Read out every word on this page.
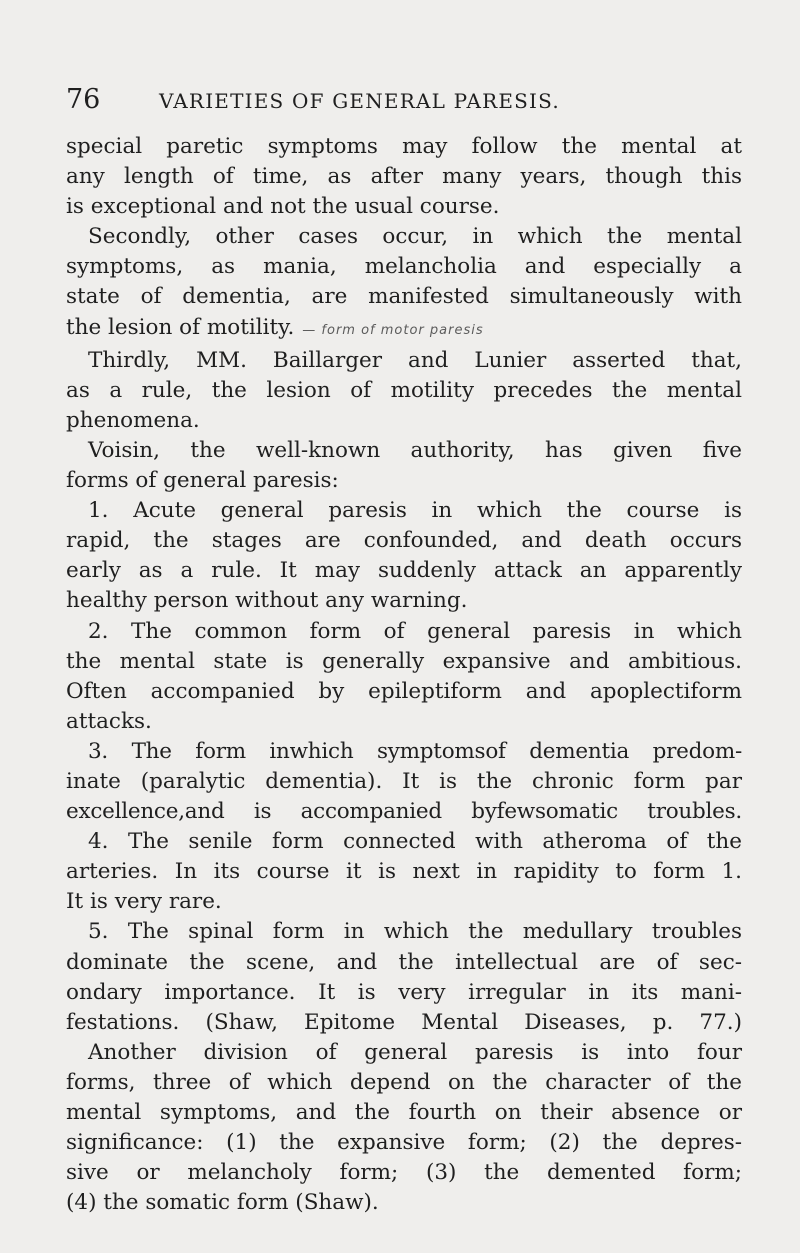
76	VARIETIES OF GENERAL PARESIS.
special paretic symptoms may follow the mental at
any length of time, as after many years, though this
is exceptional and not the usual course.
Secondly, other cases occur, in which the mental
symptoms, as mania, melancholia and especially a
state of dementia, are manifested simultaneously with
the lesion of motility. — form of motor paresis
Thirdly, MM. Baillarger and Lunier asserted that,
as a rule, the lesion of motility precedes the mental
phenomena.
Voisin, the well-known authority, has given five
forms of general paresis:
1. Acute general paresis in which the course is
rapid, the stages are confounded, and death occurs
early as a rule. It may suddenly attack an apparently
healthy person without any warning.
2. The common form of general paresis in which
the mental state is generally expansive and ambitious.
Often accompanied by epileptiform and apoplectiform
attacks.
3. The form inwhich symptomsof dementia predom-
inate (paralytic dementia). It is the chronic form par
excellence,and is accompanied byfewsomatic troubles.
4. The senile form connected with atheroma of the
arteries. In its course it is next in rapidity to form 1.
It is very rare.
5. The spinal form in which the medullary troubles
dominate the scene, and the intellectual are of sec-
ondary importance. It is very irregular in its mani-
festations. (Shaw, Epitome Mental Diseases, p. 77.)
Another division of general paresis is into four
forms, three of which depend on the character of the
mental symptoms, and the fourth on their absence or
significance: (1) the expansive form; (2) the depres-
sive or melancholy form; (3) the demented form;
(4) the somatic form (Shaw).
